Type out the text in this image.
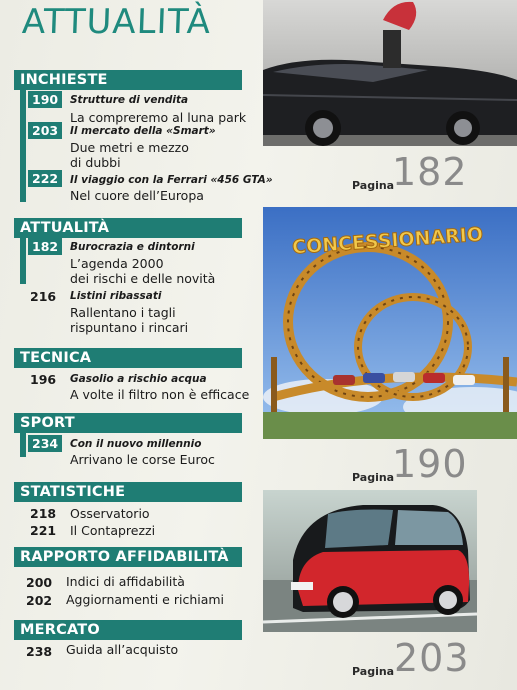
ATTUALITÀ
INCHIESTE
190	Strutture di vendita
La compreremo al luna park
203	Il mercato della «Smart»
Due metri e mezzo
di dubbi
222	Il viaggio con la Ferrari «456 GTA»
Nel cuore dell’Europa
ATTUALITÀ
182	Burocrazia e dintorni
L’agenda 2000
dei rischi e delle novità
216 Listini ribassati
Rallentano i tagli
rispuntano i rincari
TECNICA
196 Gasolio a rischio acqua
A volte il filtro non è efficace
SPORT
234	Con il nuovo millennio
Arrivano le corse Euroc
STATISTICHE
218 Osservatorio
221 Il Contaprezzi
RAPPORTO AFFIDABILITÀ
200 Indici di affidabilità
202 Aggiornamenti e richiami
MERCATO
238 Guida all’acquisto
Pagina
182
CONCESSIONARIO
Pagina
190
Pagina 203
